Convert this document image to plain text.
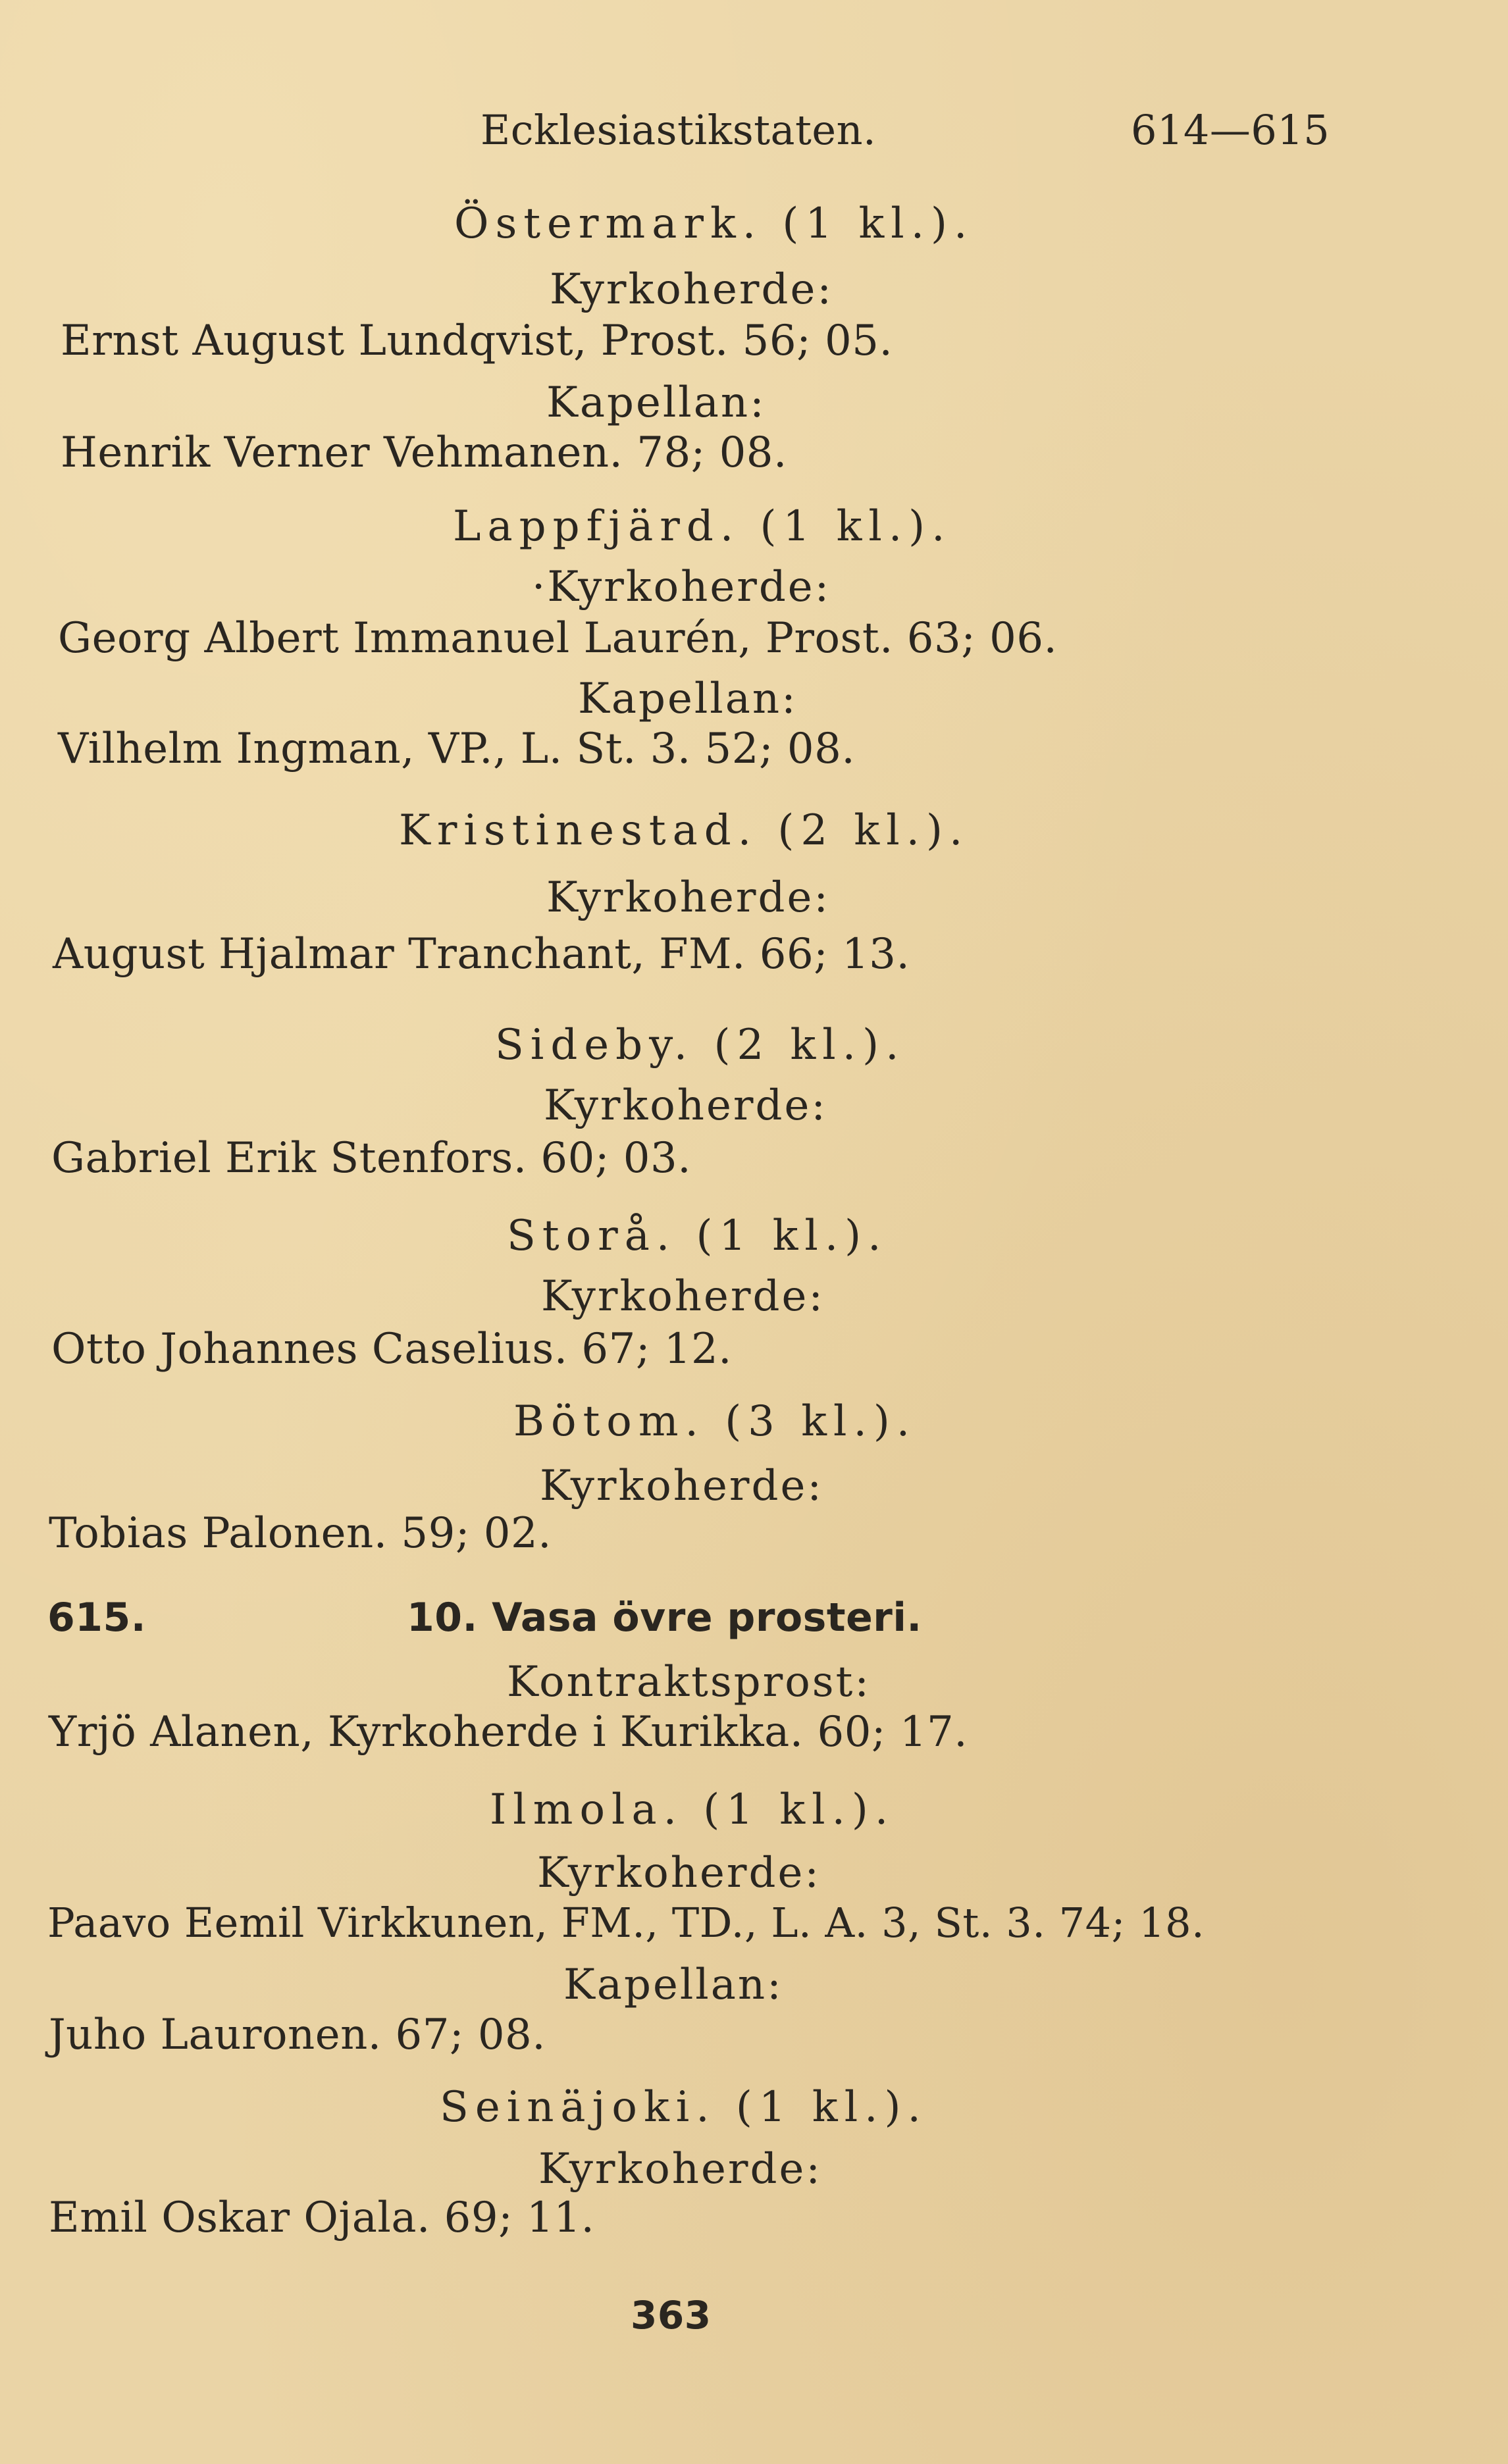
Ecklesiastikstaten.	614—615
Östermark. (1 kl.).
Kyrkoherde:
Ernst August Lundqvist, Prost. 56; 05.
Kapellan:
Henrik Verner Vehmanen. 78; 08.
Lappfjärd. (1 kl.).
·Kyrkoherde:
Georg Albert Immanuel Laurén, Prost. 63; 06.
Kapellan:
Vilhelm Ingman, VP., L. St. 3. 52; 08.
Kristinestad. (2 kl.).
Kyrkoherde:
August Hjalmar Tranchant, FM. 66; 13.
Sideby. (2 kl.).
Kyrkoherde:
Gabriel Erik Stenfors. 60; 03.
Storå. (1 kl.).
Kyrkoherde:
Otto Johannes Caselius. 67; 12.
Bötom. (3 kl.).
Kyrkoherde:
Tobias Palonen. 59; 02.
615.	10. Vasa övre prosteri.
Kontraktsprost:
Yrjö Alanen, Kyrkoherde i Kurikka. 60; 17.
Ilmola. (1 kl.).
Kyrkoherde:
Paavo Eemil Virkkunen, FM., TD., L. A. 3, St. 3. 74; 18.
Kapellan:
Juho Lauronen. 67; 08.
Seinäjoki. (1 kl.).
Kyrkoherde:
Emil Oskar Ojala. 69; 11.
363
